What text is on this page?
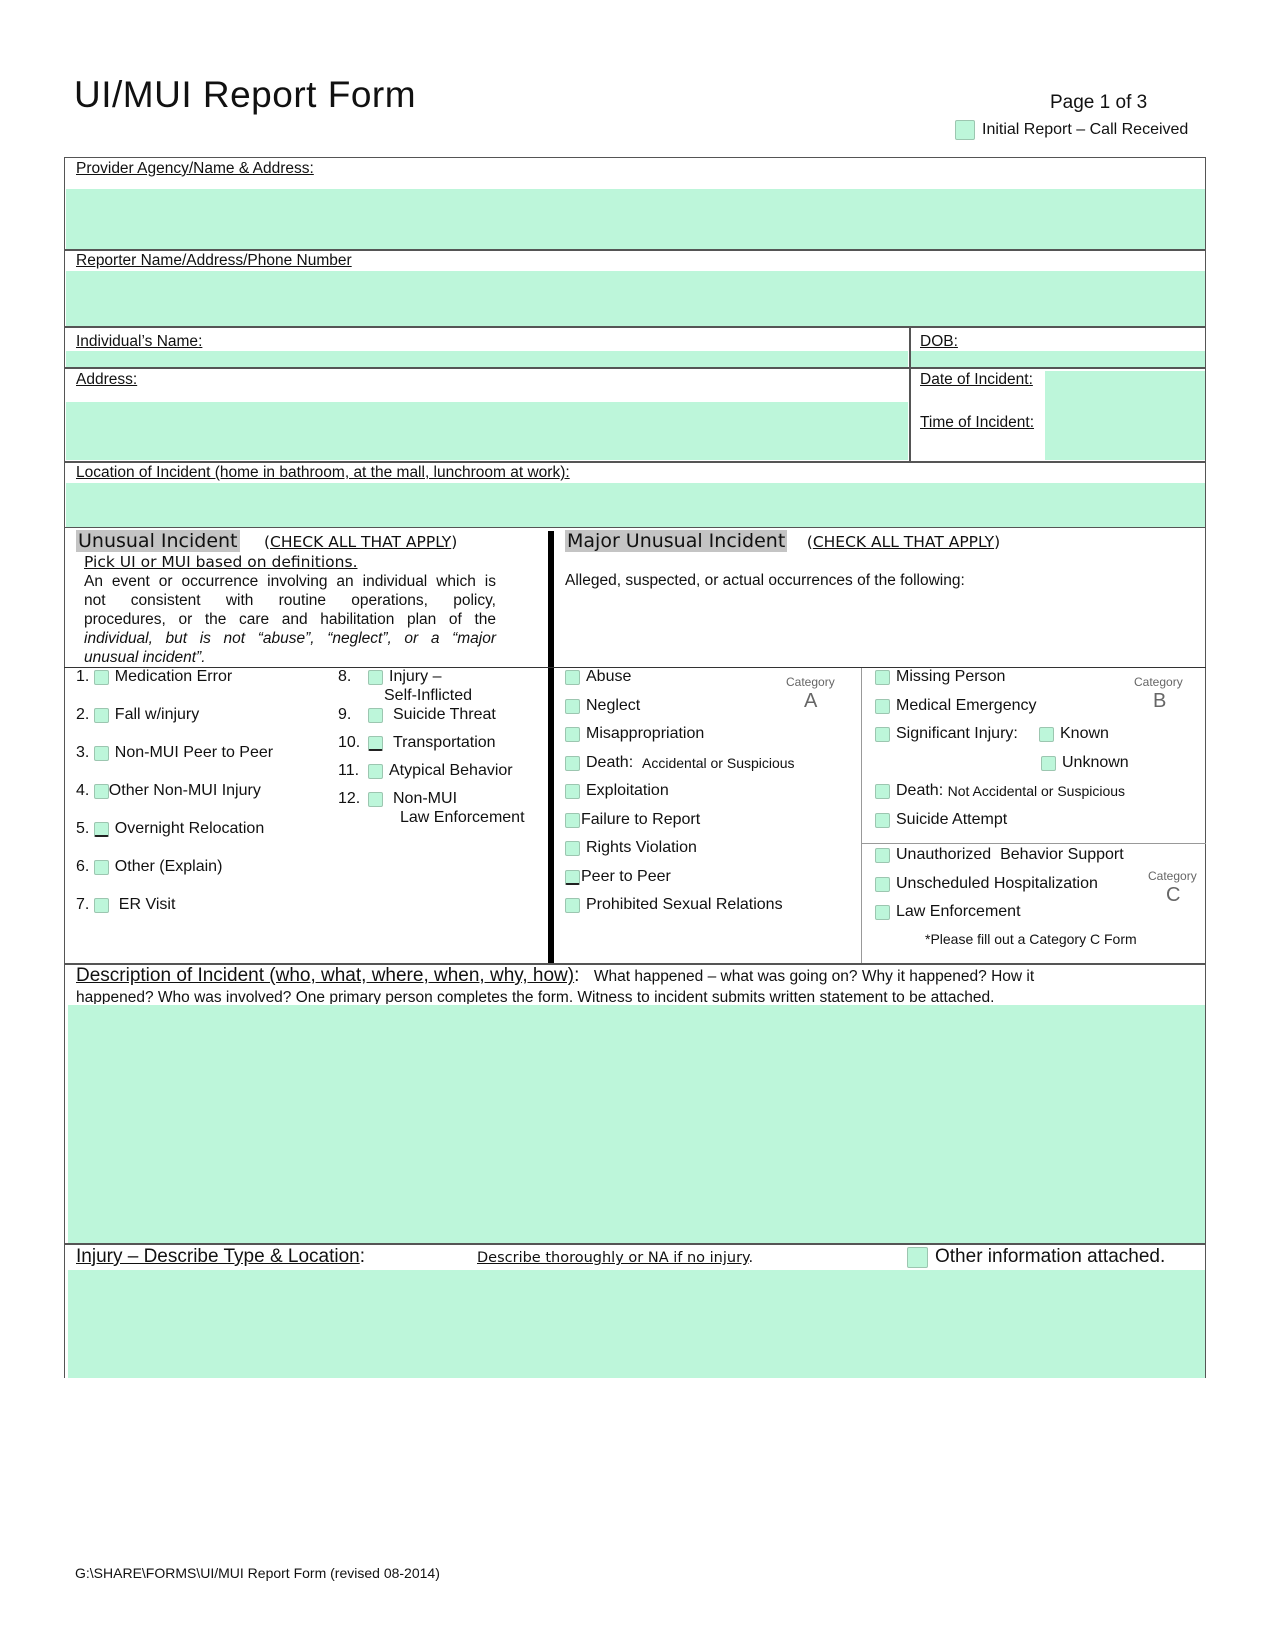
UI/MUI Report Form	Page 1 of 3
Initial Report – Call Received
Provider Agency/Name & Address:
Reporter Name/Address/Phone Number
Individual’s Name:	DOB:
Address:	Date of Incident:
Time of Incident:
Location of Incident (home in bathroom, at the mall, lunchroom at work):
Unusual Incident (CHECK ALL THAT APPLY)
Pick UI or MUI based on definitions.
An event or occurrence involving an individual which is
not consistent with routine operations, policy,
procedures, or the care and habilitation plan of the
individual, but is not “abuse”, “neglect”, or a “major
unusual incident”.
1.
Medication Error
2.
Fall w/injury
3.
Non-MUI Peer to Peer
4.
Other Non-MUI Injury
5.
Overnight Relocation
6.
Other (Explain)
7.
ER Visit
8.	Injury –
Self-Inflicted
9.	Suicide Threat
10.	Transportation
11.	Atypical Behavior
12.	Non-MUI
Law Enforcement
Major Unusual Incident (CHECK ALL THAT APPLY)
Alleged, suspected, or actual occurrences of the following:
Category
A
Abuse
Neglect
Misappropriation
Death:
Accidental or Suspicious
Exploitation
Failure to Report
Rights Violation
Peer to Peer
Prohibited Sexual Relations
Category
B
Missing Person
Medical Emergency
Significant Injury:	Known
Unknown
Death:
Not Accidental or Suspicious
Suicide Attempt
Category
C
Unauthorized  Behavior Support
Unscheduled Hospitalization
Law Enforcement
*Please fill out a Category C Form
Description of Incident (who, what, where, when, why, how): What happened – what was going on? Why it happened? How it
happened? Who was involved? One primary person completes the form. Witness to incident submits written statement to be attached.
Injury – Describe Type & Location:	Describe thoroughly or NA if no injury.	Other information attached.
G:\SHARE\FORMS\UI/MUI Report Form (revised 08-2014)
